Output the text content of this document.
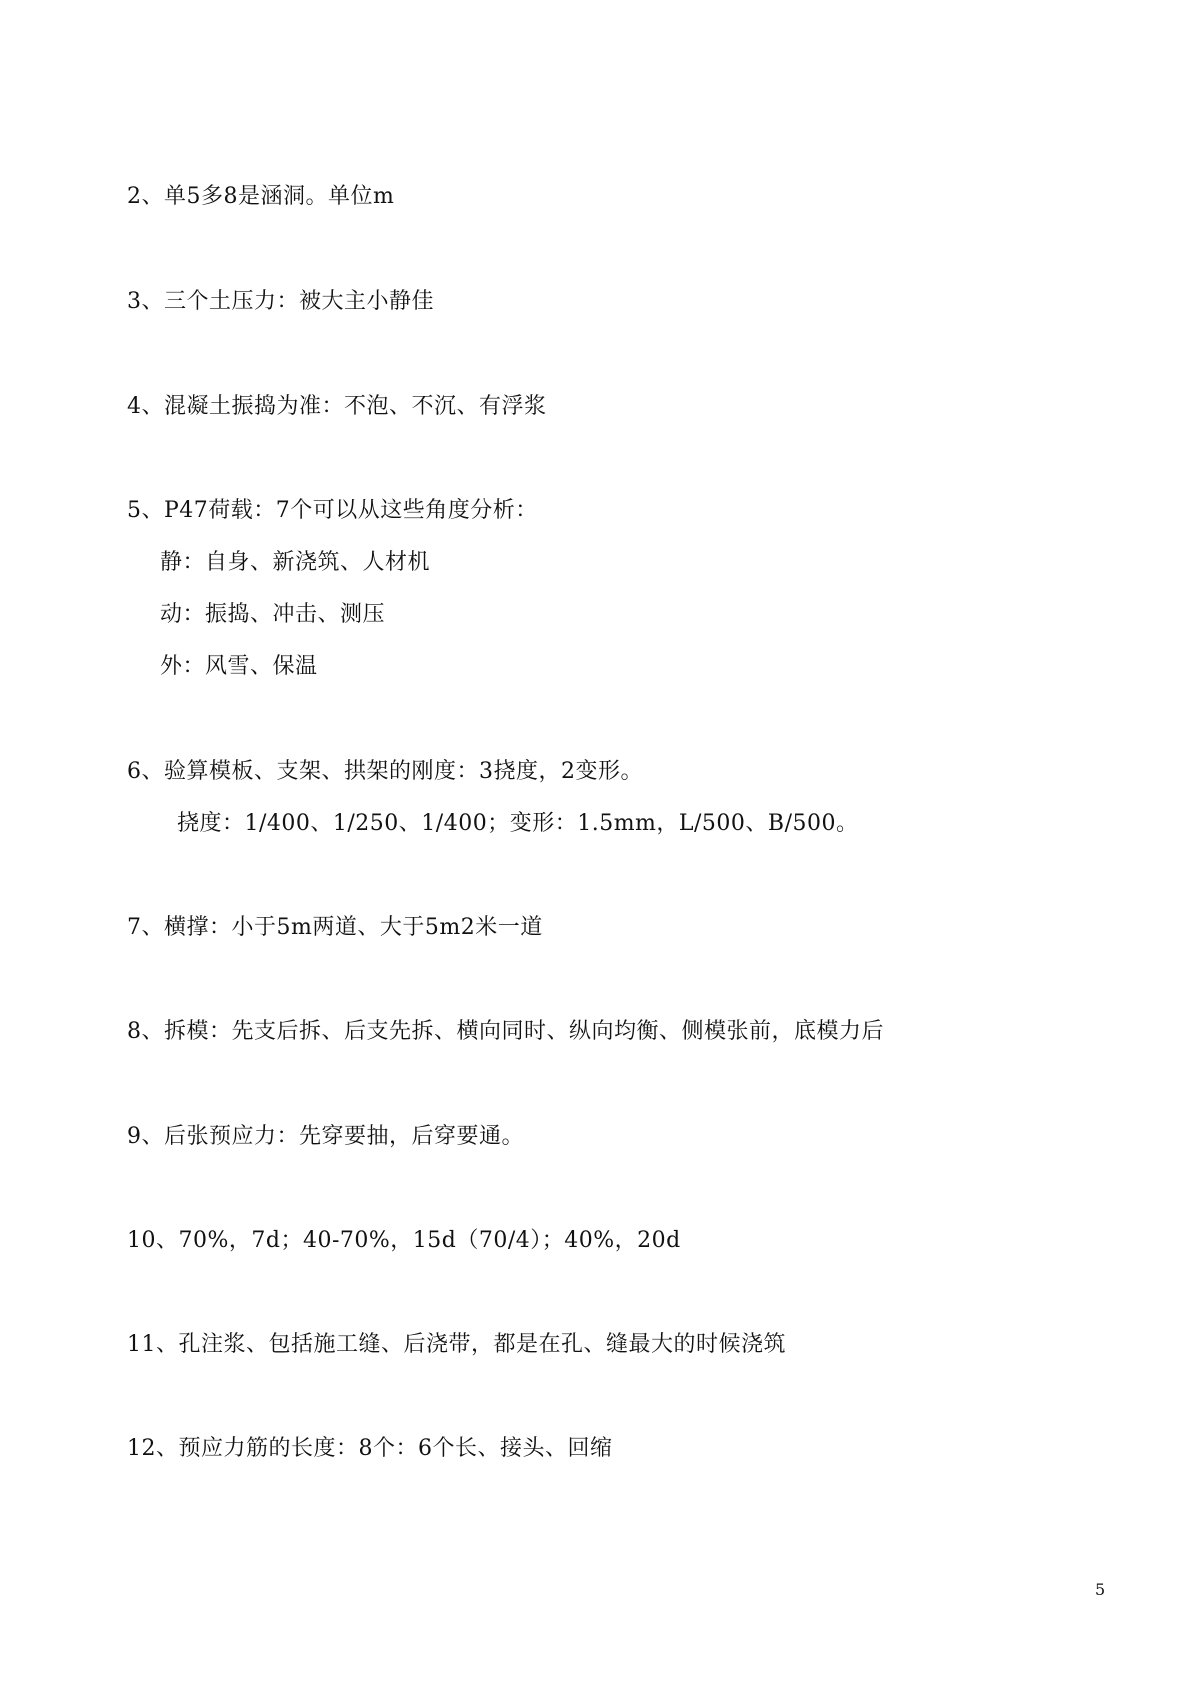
2、单5多8是涵洞。单位m
3、三个土压力：被大主小静佳
4、混凝土振捣为准：不泡、不沉、有浮浆
5、P47荷载：7个可以从这些角度分析：
静：自身、新浇筑、人材机
动：振捣、冲击、测压
外：风雪、保温
6、验算模板、支架、拱架的刚度：3挠度，2变形。
挠度：1/400、1/250、1/400；变形：1.5mm，L/500、B/500。
7、横撑：小于5m两道、大于5m2米一道
8、拆模：先支后拆、后支先拆、横向同时、纵向均衡、侧模张前，底模力后
9、后张预应力：先穿要抽，后穿要通。
10、70%，7d；40-70%，15d（70/4）；40%，20d
11、孔注浆、包括施工缝、后浇带，都是在孔、缝最大的时候浇筑
12、预应力筋的长度：8个：6个长、接头、回缩
5
